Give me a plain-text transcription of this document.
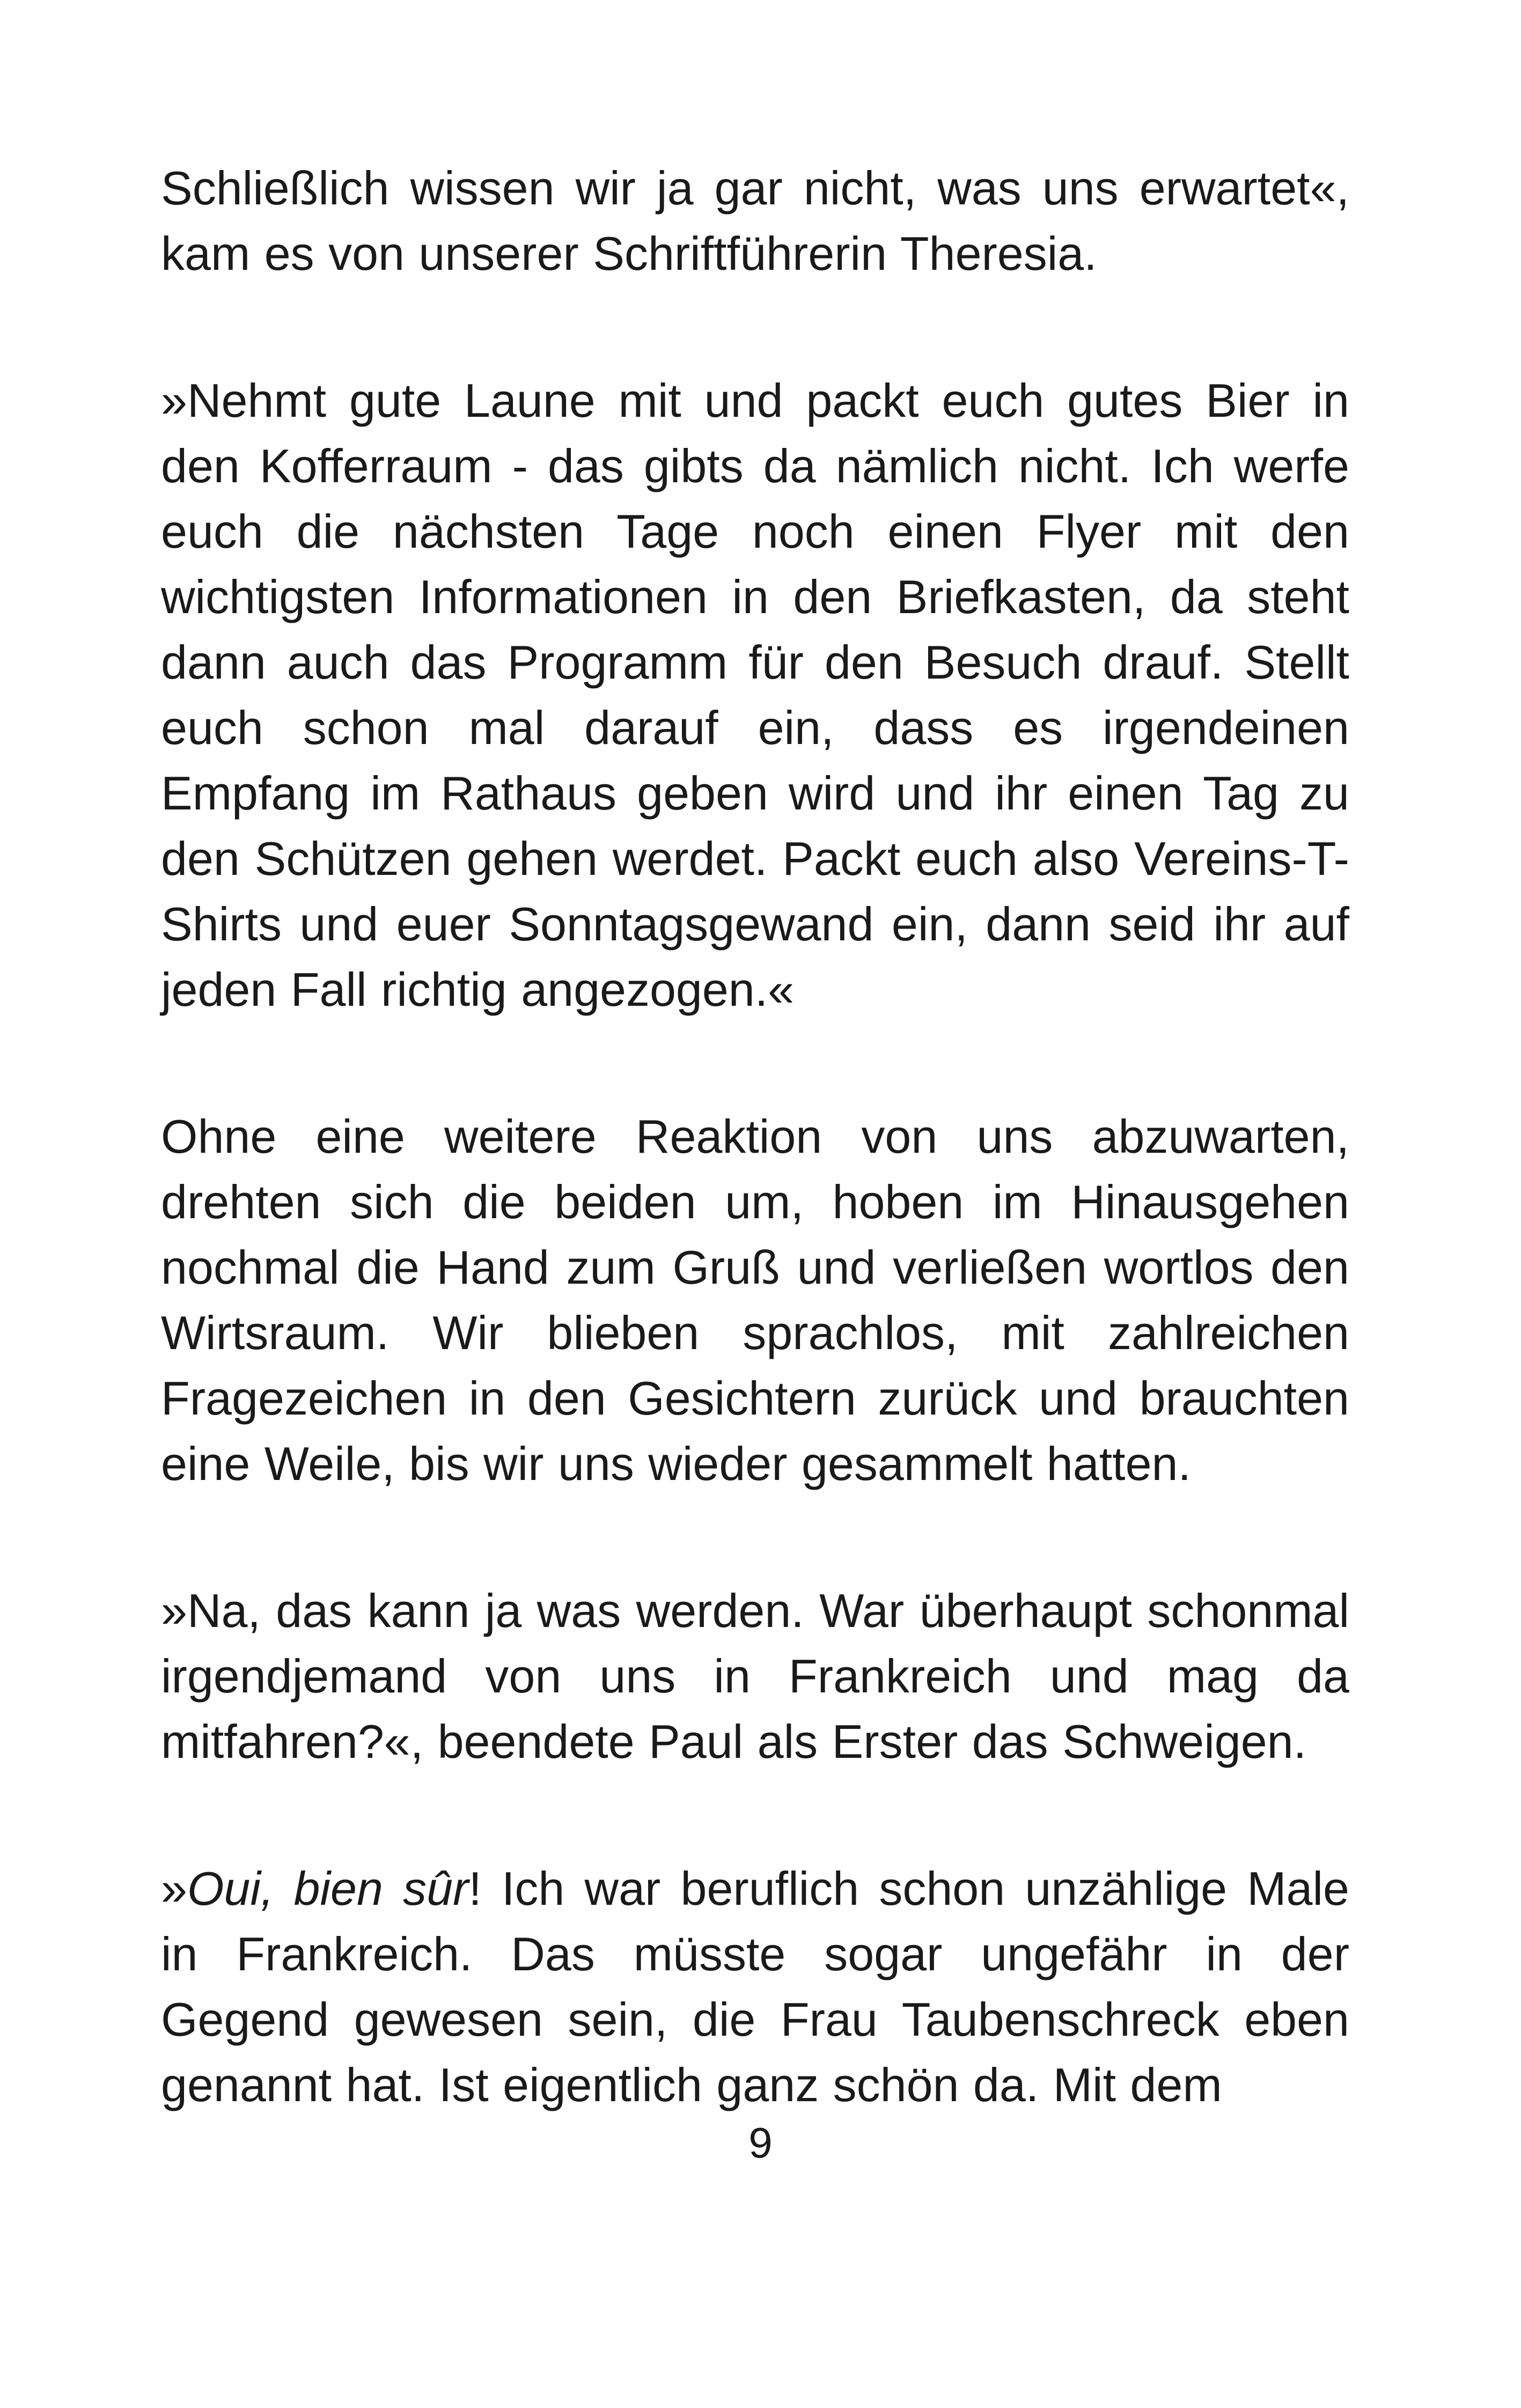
Schließlich wissen wir ja gar nicht, was uns erwartet«, kam es von unserer Schriftführerin Theresia.

»Nehmt gute Laune mit und packt euch gutes Bier in den Kofferraum - das gibts da nämlich nicht. Ich werfe euch die nächsten Tage noch einen Flyer mit den wichtigsten Informationen in den Briefkasten, da steht dann auch das Programm für den Besuch drauf. Stellt euch schon mal darauf ein, dass es irgendeinen Empfang im Rathaus geben wird und ihr einen Tag zu den Schützen gehen werdet. Packt euch also Vereins-T-Shirts und euer Sonntagsgewand ein, dann seid ihr auf jeden Fall richtig angezogen.«

Ohne eine weitere Reaktion von uns abzuwarten, drehten sich die beiden um, hoben im Hinausgehen nochmal die Hand zum Gruß und verließen wortlos den Wirtsraum. Wir blieben sprachlos, mit zahlreichen Fragezeichen in den Gesichtern zurück und brauchten eine Weile, bis wir uns wieder gesammelt hatten.

»Na, das kann ja was werden. War überhaupt schonmal irgendjemand von uns in Frankreich und mag da mitfahren?«, beendete Paul als Erster das Schweigen.

»Oui, bien sûr! Ich war beruflich schon unzählige Male in Frankreich. Das müsste sogar ungefähr in der Gegend gewesen sein, die Frau Taubenschreck eben genannt hat. Ist eigentlich ganz schön da. Mit dem

9
